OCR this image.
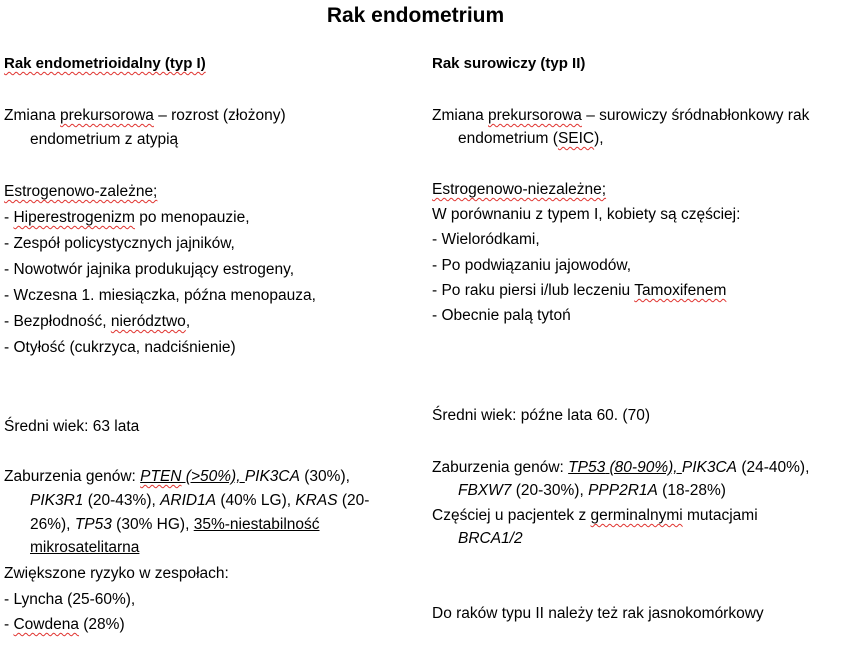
Rak endometrium
Rak endometrioidalny (typ I)
Zmiana prekursorowa – rozrost (złożony)
endometrium z atypią
Estrogenowo-zależne;
- Hiperestrogenizm po menopauzie,
- Zespół policystycznych jajników,
- Nowotwór jajnika produkujący estrogeny,
- Wczesna 1. miesiączka, późna menopauza,
- Bezpłodność, nierództwo,
- Otyłość (cukrzyca, nadciśnienie)
Średni wiek: 63 lata
Zaburzenia genów: PTEN (>50%), PIK3CA (30%),
PIK3R1 (20-43%), ARID1A (40% LG), KRAS (20-
26%), TP53 (30% HG), 35%-niestabilność
mikrosatelitarna
Zwiększone ryzyko w zespołach:
- Lyncha (25-60%),
- Cowdena (28%)
Rak surowiczy (typ II)
Zmiana prekursorowa – surowiczy śródnabłonkowy rak
endometrium (SEIC),
Estrogenowo-niezależne;
W porównaniu z typem I, kobiety są częściej:
- Wieloródkami,
- Po podwiązaniu jajowodów,
- Po raku piersi i/lub leczeniu Tamoxifenem
- Obecnie palą tytoń
Średni wiek: późne lata 60. (70)
Zaburzenia genów: TP53 (80-90%), PIK3CA (24-40%),
FBXW7 (20-30%), PPP2R1A (18-28%)
Częściej u pacjentek z germinalnymi mutacjami
BRCA1/2
Do raków typu II należy też rak jasnokomórkowy
